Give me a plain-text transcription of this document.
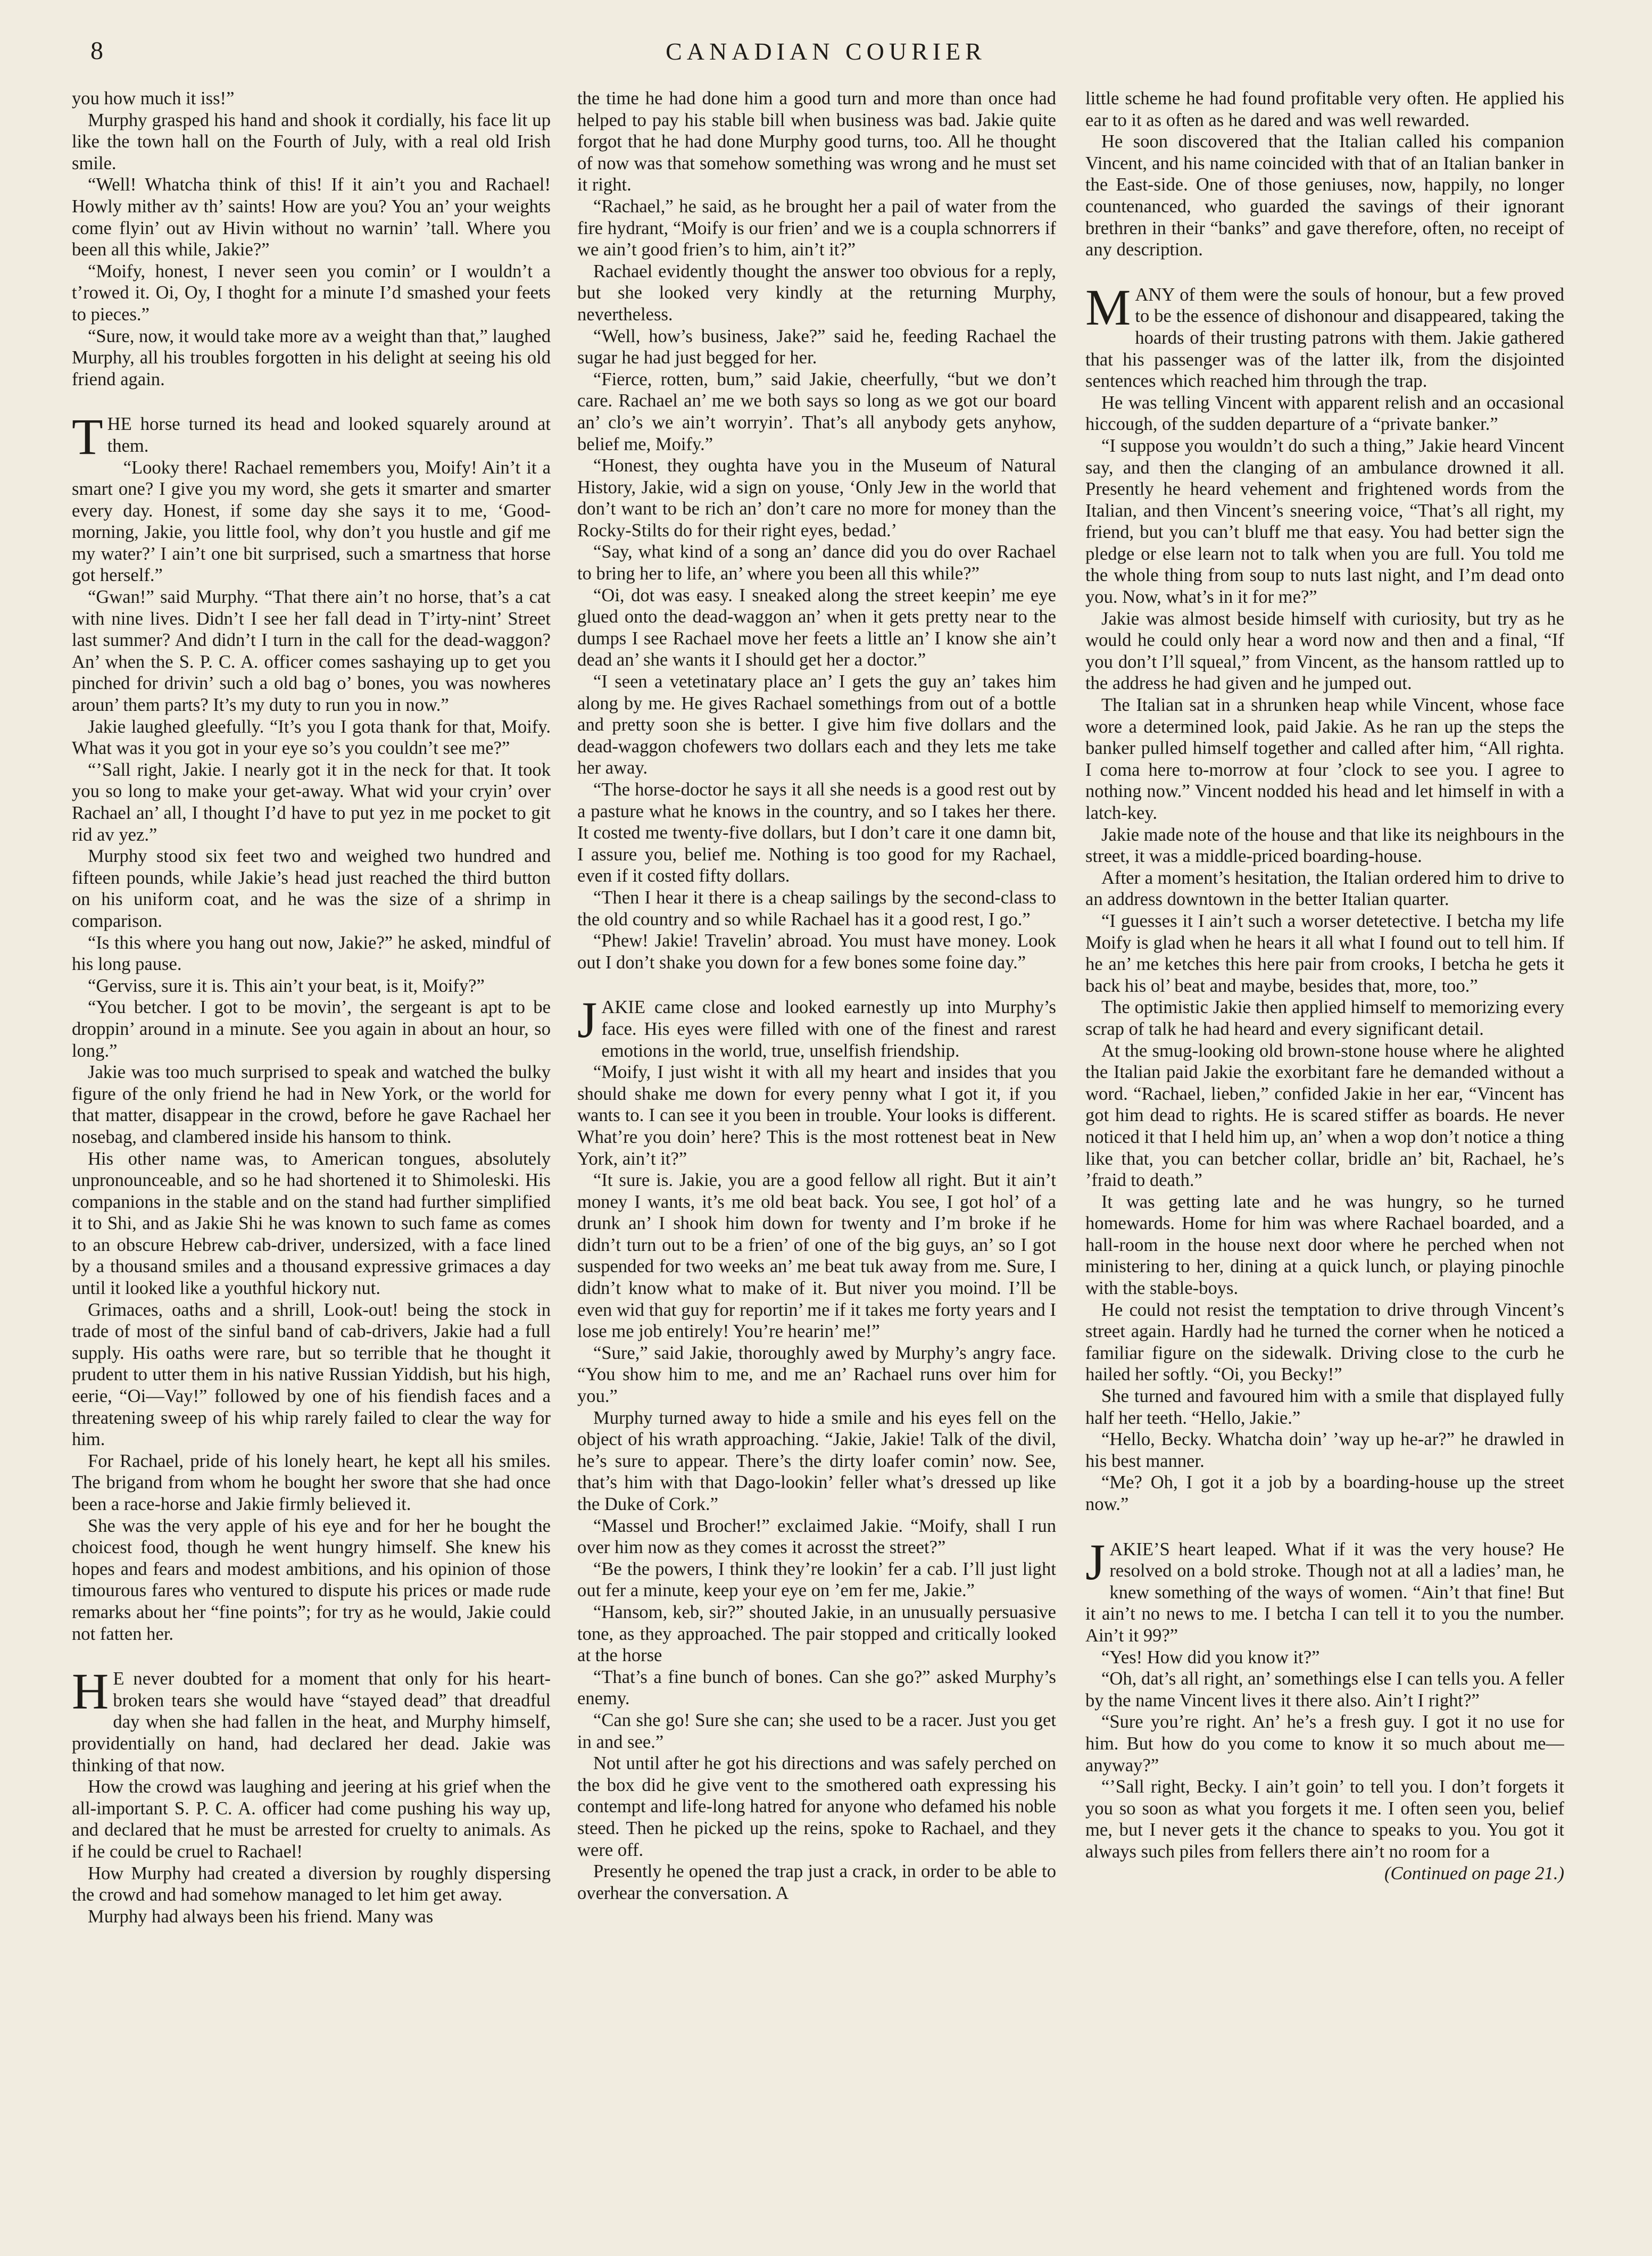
8	CANADIAN COURIER

you how much it iss!”

Murphy grasped his hand and shook it cordially, his face lit up like the town hall on the Fourth of July, with a real old Irish smile.

“Well! Whatcha think of this! If it ain’t you and Rachael! Howly mither av th’ saints! How are you? You an’ your weights come flyin’ out av Hivin without no warnin’ ’tall. Where you been all this while, Jakie?”

“Moify, honest, I never seen you comin’ or I wouldn’t a t’rowed it. Oi, Oy, I thoght for a minute I’d smashed your feets to pieces.”

“Sure, now, it would take more av a weight than that,” laughed Murphy, all his troubles forgotten in his delight at seeing his old friend again.

THE horse turned its head and looked squarely around at them.

“Looky there! Rachael remembers you, Moify! Ain’t it a smart one? I give you my word, she gets it smarter and smarter every day. Honest, if some day she says it to me, ‘Good-morning, Jakie, you little fool, why don’t you hustle and gif me my water?’ I ain’t one bit surprised, such a smartness that horse got herself.”

“Gwan!” said Murphy. “That there ain’t no horse, that’s a cat with nine lives. Didn’t I see her fall dead in T’irty-nint’ Street last summer? And didn’t I turn in the call for the dead-waggon? An’ when the S. P. C. A. officer comes sashaying up to get you pinched for drivin’ such a old bag o’ bones, you was nowheres aroun’ them parts? It’s my duty to run you in now.”

Jakie laughed gleefully. “It’s you I gota thank for that, Moify. What was it you got in your eye so’s you couldn’t see me?”

“’Sall right, Jakie. I nearly got it in the neck for that. It took you so long to make your get-away. What wid your cryin’ over Rachael an’ all, I thought I’d have to put yez in me pocket to git rid av yez.”

Murphy stood six feet two and weighed two hundred and fifteen pounds, while Jakie’s head just reached the third button on his uniform coat, and he was the size of a shrimp in comparison.

“Is this where you hang out now, Jakie?” he asked, mindful of his long pause.

“Gerviss, sure it is. This ain’t your beat, is it, Moify?”

“You betcher. I got to be movin’, the sergeant is apt to be droppin’ around in a minute. See you again in about an hour, so long.”

Jakie was too much surprised to speak and watched the bulky figure of the only friend he had in New York, or the world for that matter, disappear in the crowd, before he gave Rachael her nosebag, and clambered inside his hansom to think.

His other name was, to American tongues, absolutely unpronounceable, and so he had shortened it to Shimoleski. His companions in the stable and on the stand had further simplified it to Shi, and as Jakie Shi he was known to such fame as comes to an obscure Hebrew cab-driver, undersized, with a face lined by a thousand smiles and a thousand expressive grimaces a day until it looked like a youthful hickory nut.

Grimaces, oaths and a shrill, Look-out! being the stock in trade of most of the sinful band of cab-drivers, Jakie had a full supply. His oaths were rare, but so terrible that he thought it prudent to utter them in his native Russian Yiddish, but his high, eerie, “Oi—Vay!” followed by one of his fiendish faces and a threatening sweep of his whip rarely failed to clear the way for him.

For Rachael, pride of his lonely heart, he kept all his smiles. The brigand from whom he bought her swore that she had once been a race-horse and Jakie firmly believed it.

She was the very apple of his eye and for her he bought the choicest food, though he went hungry himself. She knew his hopes and fears and modest ambitions, and his opinion of those timourous fares who ventured to dispute his prices or made rude remarks about her “fine points”; for try as he would, Jakie could not fatten her.

HE never doubted for a moment that only for his heart-broken tears she would have “stayed dead” that dreadful day when she had fallen in the heat, and Murphy himself, providentially on hand, had declared her dead. Jakie was thinking of that now.

How the crowd was laughing and jeering at his grief when the all-important S. P. C. A. officer had come pushing his way up, and declared that he must be arrested for cruelty to animals. As if he could be cruel to Rachael!

How Murphy had created a diversion by roughly dispersing the crowd and had somehow managed to let him get away.

Murphy had always been his friend. Many was

the time he had done him a good turn and more than once had helped to pay his stable bill when business was bad. Jakie quite forgot that he had done Murphy good turns, too. All he thought of now was that somehow something was wrong and he must set it right.

“Rachael,” he said, as he brought her a pail of water from the fire hydrant, “Moify is our frien’ and we is a coupla schnorrers if we ain’t good frien’s to him, ain’t it?”

Rachael evidently thought the answer too obvious for a reply, but she looked very kindly at the returning Murphy, nevertheless.

“Well, how’s business, Jake?” said he, feeding Rachael the sugar he had just begged for her.

“Fierce, rotten, bum,” said Jakie, cheerfully, “but we don’t care. Rachael an’ me we both says so long as we got our board an’ clo’s we ain’t worryin’. That’s all anybody gets anyhow, belief me, Moify.”

“Honest, they oughta have you in the Museum of Natural History, Jakie, wid a sign on youse, ‘Only Jew in the world that don’t want to be rich an’ don’t care no more for money than the Rocky-Stilts do for their right eyes, bedad.’

“Say, what kind of a song an’ dance did you do over Rachael to bring her to life, an’ where you been all this while?”

“Oi, dot was easy. I sneaked along the street keepin’ me eye glued onto the dead-waggon an’ when it gets pretty near to the dumps I see Rachael move her feets a little an’ I know she ain’t dead an’ she wants it I should get her a doctor.”

“I seen a vetetinatary place an’ I gets the guy an’ takes him along by me. He gives Rachael somethings from out of a bottle and pretty soon she is better. I give him five dollars and the dead-waggon chofewers two dollars each and they lets me take her away.

“The horse-doctor he says it all she needs is a good rest out by a pasture what he knows in the country, and so I takes her there. It costed me twenty-five dollars, but I don’t care it one damn bit, I assure you, belief me. Nothing is too good for my Rachael, even if it costed fifty dollars.

“Then I hear it there is a cheap sailings by the second-class to the old country and so while Rachael has it a good rest, I go.”

“Phew! Jakie! Travelin’ abroad. You must have money. Look out I don’t shake you down for a few bones some foine day.”

JAKIE came close and looked earnestly up into Murphy’s face. His eyes were filled with one of the finest and rarest emotions in the world, true, unselfish friendship.

“Moify, I just wisht it with all my heart and insides that you should shake me down for every penny what I got it, if you wants to. I can see it you been in trouble. Your looks is different. What’re you doin’ here? This is the most rottenest beat in New York, ain’t it?”

“It sure is. Jakie, you are a good fellow all right. But it ain’t money I wants, it’s me old beat back. You see, I got hol’ of a drunk an’ I shook him down for twenty and I’m broke if he didn’t turn out to be a frien’ of one of the big guys, an’ so I got suspended for two weeks an’ me beat tuk away from me. Sure, I didn’t know what to make of it. But niver you moind. I’ll be even wid that guy for reportin’ me if it takes me forty years and I lose me job entirely! You’re hearin’ me!”

“Sure,” said Jakie, thoroughly awed by Murphy’s angry face. “You show him to me, and me an’ Rachael runs over him for you.”

Murphy turned away to hide a smile and his eyes fell on the object of his wrath approaching. “Jakie, Jakie! Talk of the divil, he’s sure to appear. There’s the dirty loafer comin’ now. See, that’s him with that Dago-lookin’ feller what’s dressed up like the Duke of Cork.”

“Massel und Brocher!” exclaimed Jakie. “Moify, shall I run over him now as they comes it acrosst the street?”

“Be the powers, I think they’re lookin’ fer a cab. I’ll just light out fer a minute, keep your eye on ’em fer me, Jakie.”

“Hansom, keb, sir?” shouted Jakie, in an unusually persuasive tone, as they approached. The pair stopped and critically looked at the horse

“That’s a fine bunch of bones. Can she go?” asked Murphy’s enemy.

“Can she go! Sure she can; she used to be a racer. Just you get in and see.”

Not until after he got his directions and was safely perched on the box did he give vent to the smothered oath expressing his contempt and life-long hatred for anyone who defamed his noble steed. Then he picked up the reins, spoke to Rachael, and they were off.

Presently he opened the trap just a crack, in order to be able to overhear the conversation. A

little scheme he had found profitable very often. He applied his ear to it as often as he dared and was well rewarded.

He soon discovered that the Italian called his companion Vincent, and his name coincided with that of an Italian banker in the East-side. One of those geniuses, now, happily, no longer countenanced, who guarded the savings of their ignorant brethren in their “banks” and gave therefore, often, no receipt of any description.

MANY of them were the souls of honour, but a few proved to be the essence of dishonour and disappeared, taking the hoards of their trusting patrons with them. Jakie gathered that his passenger was of the latter ilk, from the disjointed sentences which reached him through the trap.

He was telling Vincent with apparent relish and an occasional hiccough, of the sudden departure of a “private banker.”

“I suppose you wouldn’t do such a thing,” Jakie heard Vincent say, and then the clanging of an ambulance drowned it all. Presently he heard vehement and frightened words from the Italian, and then Vincent’s sneering voice, “That’s all right, my friend, but you can’t bluff me that easy. You had better sign the pledge or else learn not to talk when you are full. You told me the whole thing from soup to nuts last night, and I’m dead onto you. Now, what’s in it for me?”

Jakie was almost beside himself with curiosity, but try as he would he could only hear a word now and then and a final, “If you don’t I’ll squeal,” from Vincent, as the hansom rattled up to the address he had given and he jumped out.

The Italian sat in a shrunken heap while Vincent, whose face wore a determined look, paid Jakie. As he ran up the steps the banker pulled himself together and called after him, “All righta. I coma here to-morrow at four ’clock to see you. I agree to nothing now.” Vincent nodded his head and let himself in with a latch-key.

Jakie made note of the house and that like its neighbours in the street, it was a middle-priced boarding-house.

After a moment’s hesitation, the Italian ordered him to drive to an address downtown in the better Italian quarter.

“I guesses it I ain’t such a worser detetective. I betcha my life Moify is glad when he hears it all what I found out to tell him. If he an’ me ketches this here pair from crooks, I betcha he gets it back his ol’ beat and maybe, besides that, more, too.”

The optimistic Jakie then applied himself to memorizing every scrap of talk he had heard and every significant detail.

At the smug-looking old brown-stone house where he alighted the Italian paid Jakie the exorbitant fare he demanded without a word. “Rachael, lieben,” confided Jakie in her ear, “Vincent has got him dead to rights. He is scared stiffer as boards. He never noticed it that I held him up, an’ when a wop don’t notice a thing like that, you can betcher collar, bridle an’ bit, Rachael, he’s ’fraid to death.”

It was getting late and he was hungry, so he turned homewards. Home for him was where Rachael boarded, and a hall-room in the house next door where he perched when not ministering to her, dining at a quick lunch, or playing pinochle with the stable-boys.

He could not resist the temptation to drive through Vincent’s street again. Hardly had he turned the corner when he noticed a familiar figure on the sidewalk. Driving close to the curb he hailed her softly. “Oi, you Becky!”

She turned and favoured him with a smile that displayed fully half her teeth. “Hello, Jakie.”

“Hello, Becky. Whatcha doin’ ’way up he-ar?” he drawled in his best manner.

“Me? Oh, I got it a job by a boarding-house up the street now.”

JAKIE’S heart leaped. What if it was the very house? He resolved on a bold stroke. Though not at all a ladies’ man, he knew something of the ways of women. “Ain’t that fine! But it ain’t no news to me. I betcha I can tell it to you the number. Ain’t it 99?”

“Yes! How did you know it?”

“Oh, dat’s all right, an’ somethings else I can tells you. A feller by the name Vincent lives it there also. Ain’t I right?”

“Sure you’re right. An’ he’s a fresh guy. I got it no use for him. But how do you come to know it so much about me—anyway?”

“’Sall right, Becky. I ain’t goin’ to tell you. I don’t forgets it you so soon as what you forgets it me. I often seen you, belief me, but I never gets it the chance to speaks to you. You got it always such piles from fellers there ain’t no room for a

(Continued on page 21.)
